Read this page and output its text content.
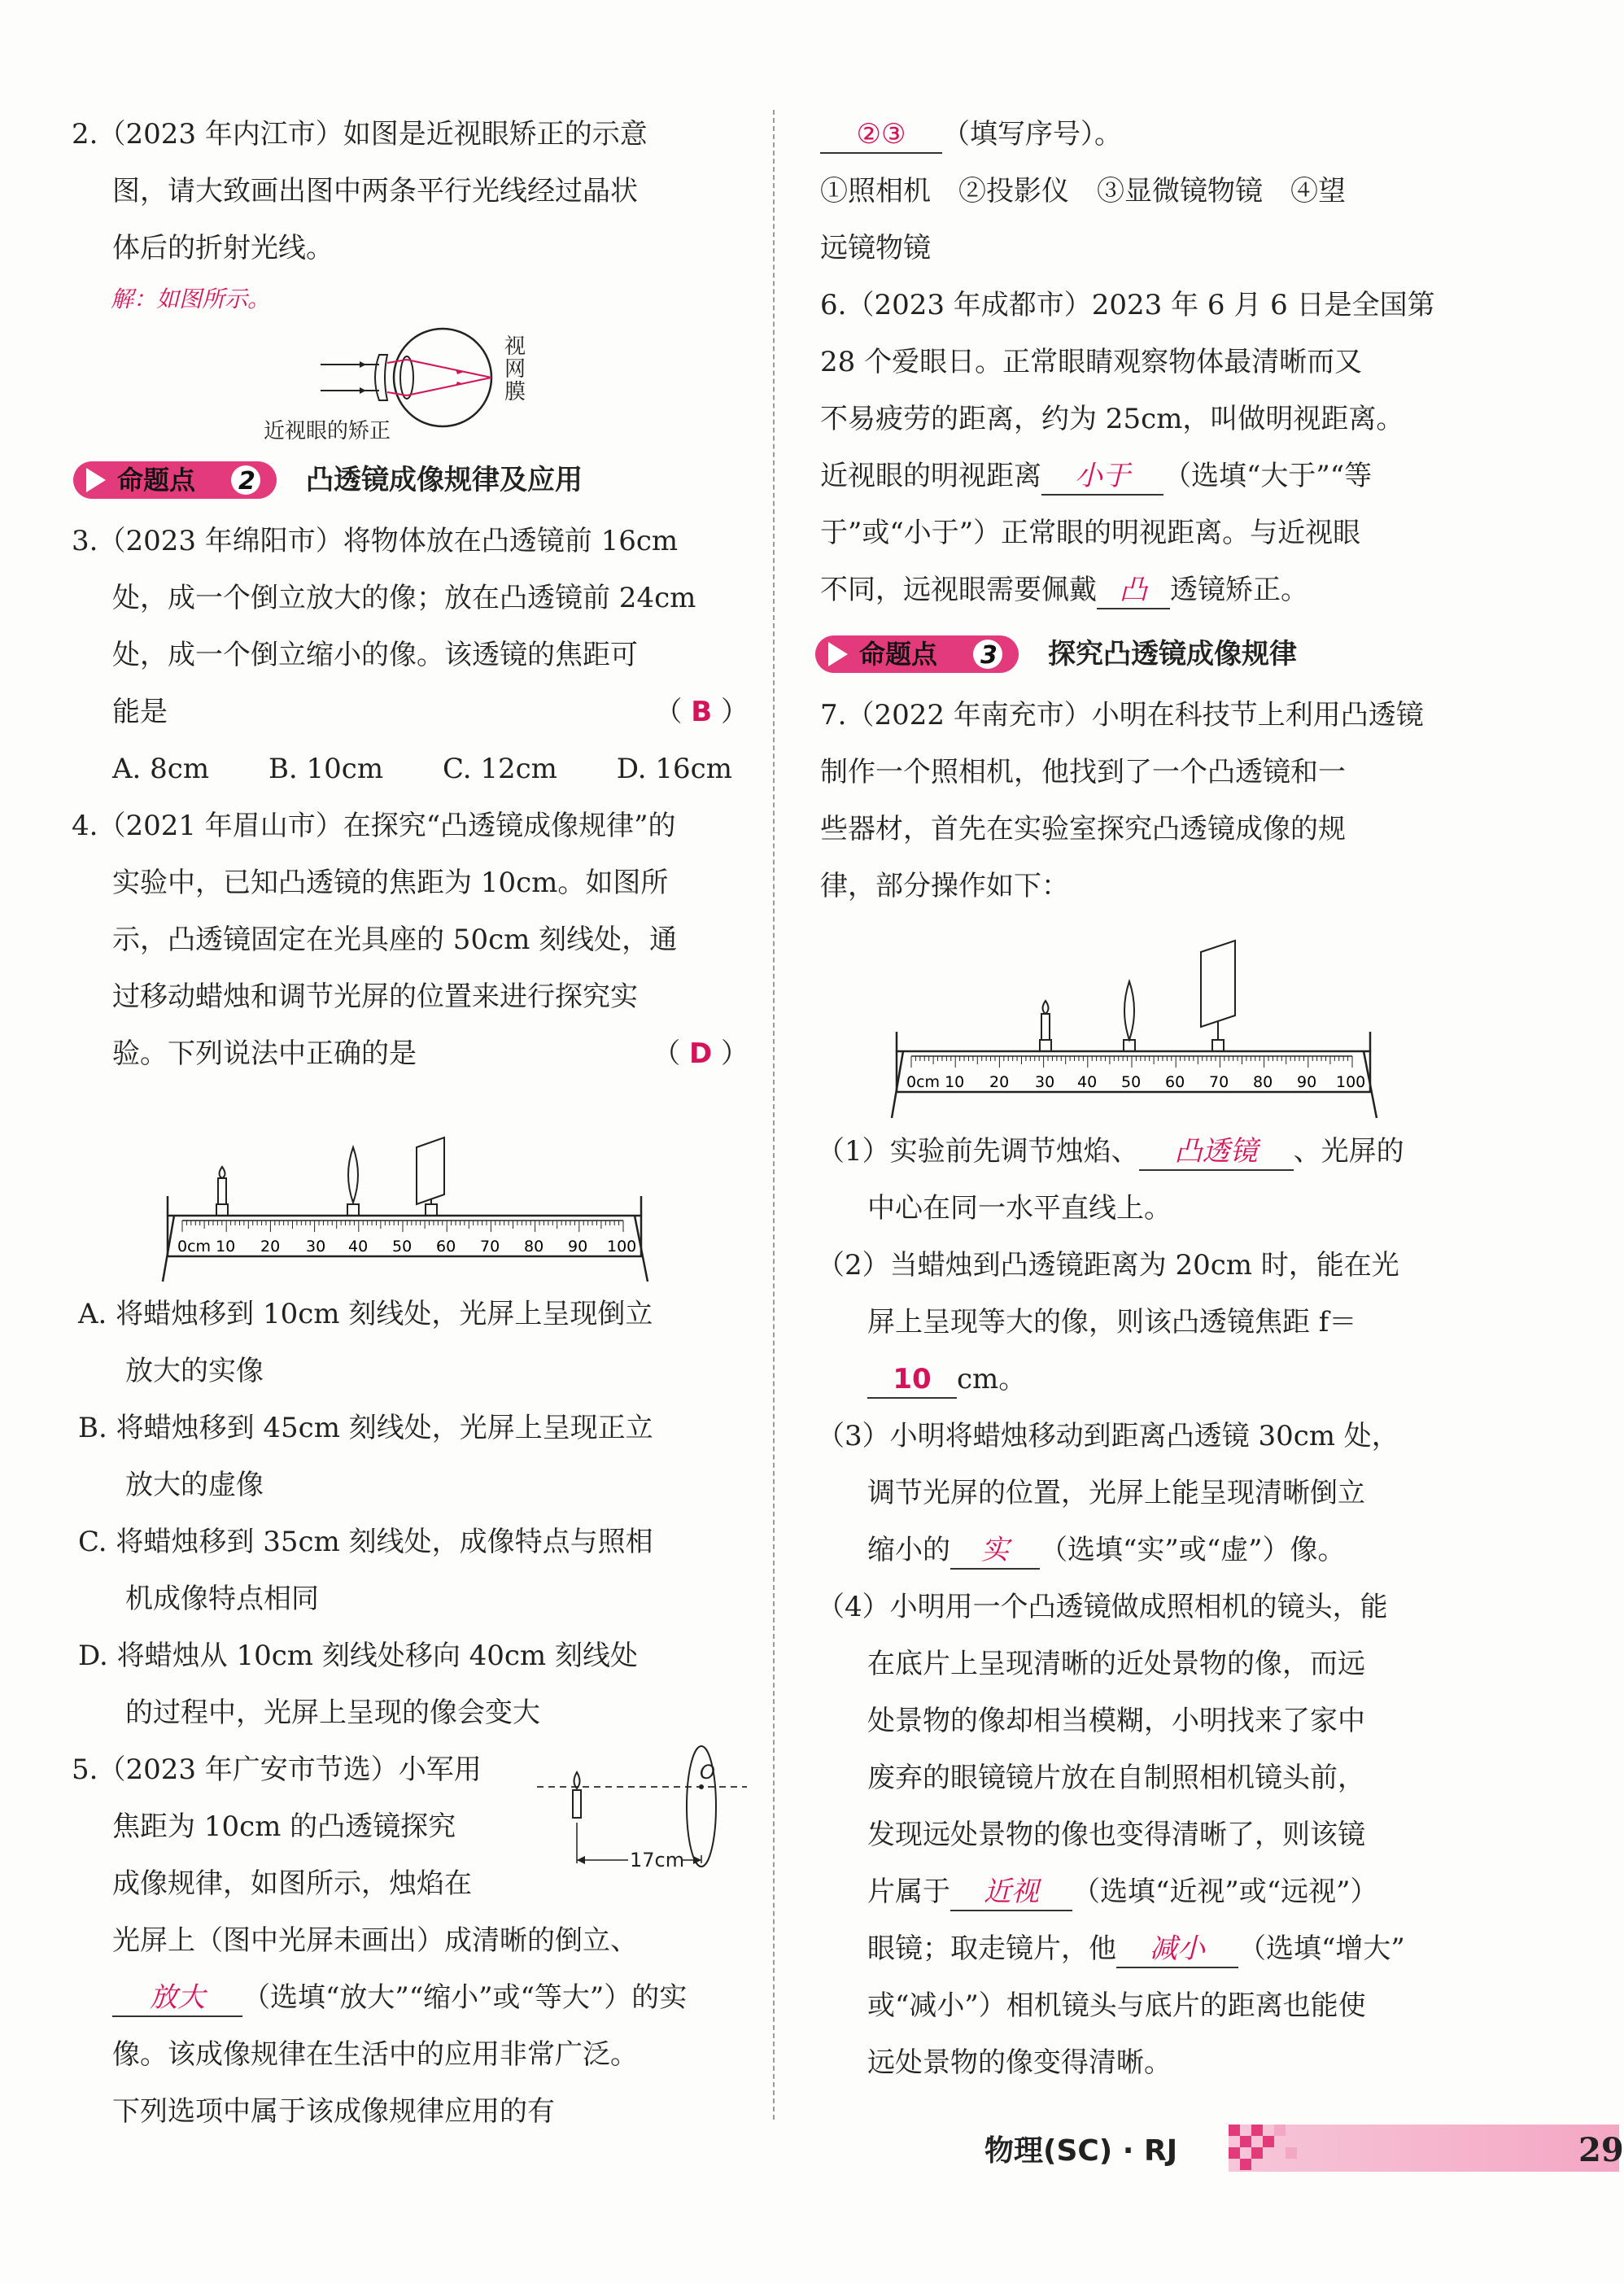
2.（2023 年内江市）如图是近视眼矫正的示意

图，请大致画出图中两条平行光线经过晶状

体后的折射光线。

解：如图所示。

视
网
膜
近视眼的矫正
命题点 2 凸透镜成像规律及应用

3.（2023 年绵阳市）将物体放在凸透镜前 16cm

处，成一个倒立放大的像；放在凸透镜前 24cm

处，成一个倒立缩小的像。该透镜的焦距可

能是	（ B ）

A. 8cm B. 10cm C. 12cm D. 16cm

4.（2021 年眉山市）在探究“凸透镜成像规律”的

实验中，已知凸透镜的焦距为 10cm。如图所

示，凸透镜固定在光具座的 50cm 刻线处，通

过移动蜡烛和调节光屏的位置来进行探究实

验。下列说法中正确的是	（ D ）

0cm 10 20 30 40 50 60 70 80 90 100

A. 将蜡烛移到 10cm 刻线处，光屏上呈现倒立

放大的实像

B. 将蜡烛移到 45cm 刻线处，光屏上呈现正立

放大的虚像

C. 将蜡烛移到 35cm 刻线处，成像特点与照相

机成像特点相同

D. 将蜡烛从 10cm 刻线处移向 40cm 刻线处

的过程中，光屏上呈现的像会变大

O
17cm

5.（2023 年广安市节选）小军用

焦距为 10cm 的凸透镜探究

成像规律，如图所示，烛焰在

光屏上（图中光屏未画出）成清晰的倒立、

放大 （选填“放大”“缩小”或“等大”）的实

像。该成像规律在生活中的应用非常广泛。

下列选项中属于该成像规律应用的有

②③ （填写序号）。

①照相机　②投影仪　③显微镜物镜　④望

远镜物镜

6.（2023 年成都市）2023 年 6 月 6 日是全国第

28 个爱眼日。正常眼睛观察物体最清晰而又

不易疲劳的距离，约为 25cm，叫做明视距离。

近视眼的明视距离 小于 （选填“大于”“等

于”或“小于”）正常眼的明视距离。与近视眼

不同，远视眼需要佩戴 凸 透镜矫正。

命题点 3 探究凸透镜成像规律

7.（2022 年南充市）小明在科技节上利用凸透镜

制作一个照相机，他找到了一个凸透镜和一

些器材，首先在实验室探究凸透镜成像的规

律，部分操作如下：

0cm 10 20 30 40 50 60 70 80 90 100

（1）实验前先调节烛焰、 凸透镜 、光屏的

中心在同一水平直线上。

（2）当蜡烛到凸透镜距离为 20cm 时，能在光

屏上呈现等大的像，则该凸透镜焦距 f＝

10 cm。

（3）小明将蜡烛移动到距离凸透镜 30cm 处，

调节光屏的位置，光屏上能呈现清晰倒立

缩小的 实 （选填“实”或“虚”）像。

（4）小明用一个凸透镜做成照相机的镜头，能

在底片上呈现清晰的近处景物的像，而远

处景物的像却相当模糊，小明找来了家中

废弃的眼镜镜片放在自制照相机镜头前，

发现远处景物的像也变得清晰了，则该镜

片属于 近视 （选填“近视”或“远视”）

眼镜；取走镜片，他 减小 （选填“增大”

或“减小”）相机镜头与底片的距离也能使

远处景物的像变得清晰。

物理(SC) · RJ	29
